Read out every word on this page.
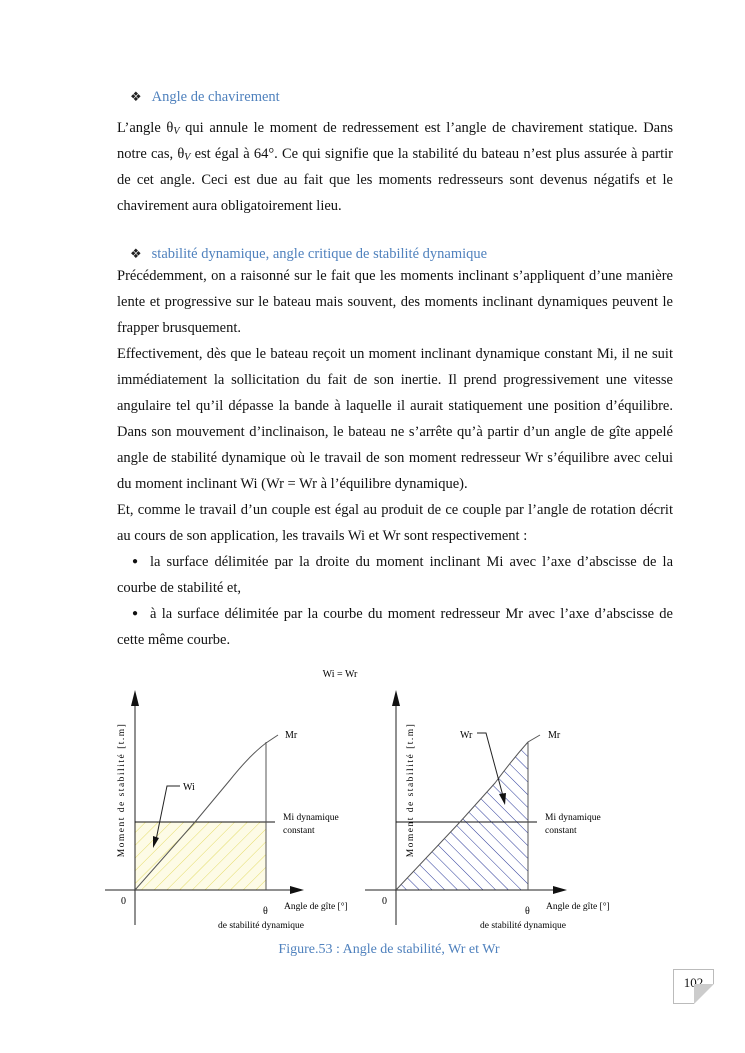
❖ Angle de chavirement
L’angle $\theta_V$ qui annule le moment de redressement est l’angle de chavirement statique. Dans
notre cas, $\theta_V$ est égal à 64°. Ce qui signifie que la stabilité du bateau n’est plus assurée à partir
de cet angle. Ceci est due au fait que les moments redresseurs sont devenus négatifs et le
chavirement aura obligatoirement lieu.
❖ stabilité dynamique, angle critique de stabilité dynamique
Précédemment, on a raisonné sur le fait que les moments inclinant s’appliquent d’une manière
lente et progressive sur le bateau mais souvent, des moments inclinant dynamiques peuvent le
frapper brusquement.
Effectivement, dès que le bateau reçoit un moment inclinant dynamique constant Mi, il ne suit
immédiatement la sollicitation du fait de son inertie. Il prend progressivement une vitesse
angulaire tel qu’il dépasse la bande à laquelle il aurait statiquement une position d’équilibre.
Dans son mouvement d’inclinaison, le bateau ne s’arrête qu’à partir d’un angle de gîte appelé
angle de stabilité dynamique où le travail de son moment redresseur Wr s’équilibre avec celui
du moment inclinant Wi (Wr = Wr à l’équilibre dynamique).
Et, comme le travail d’un couple est égal au produit de ce couple par l’angle de rotation décrit
au cours de son application, les travails Wi et Wr sont respectivement :
● la surface délimitée par la droite du moment inclinant Mi avec l’axe d’abscisse de la
courbe de stabilité et,
● à la surface délimitée par la courbe du moment redresseur Mr avec l’axe d’abscisse de
cette même courbe.
Wi = Wr
Mr
Wi
Mi dynamique
constant
0
θ Angle de gîte [°]
de stabilité dynamique
Moment de stabilité [t.m]	Mr
Wr
Mi dynamique
constant
0
θ Angle de gîte [°]
de stabilité dynamique
Moment de stabilité [t.m]
Figure.53 : Angle de stabilité, Wr et Wr
102
